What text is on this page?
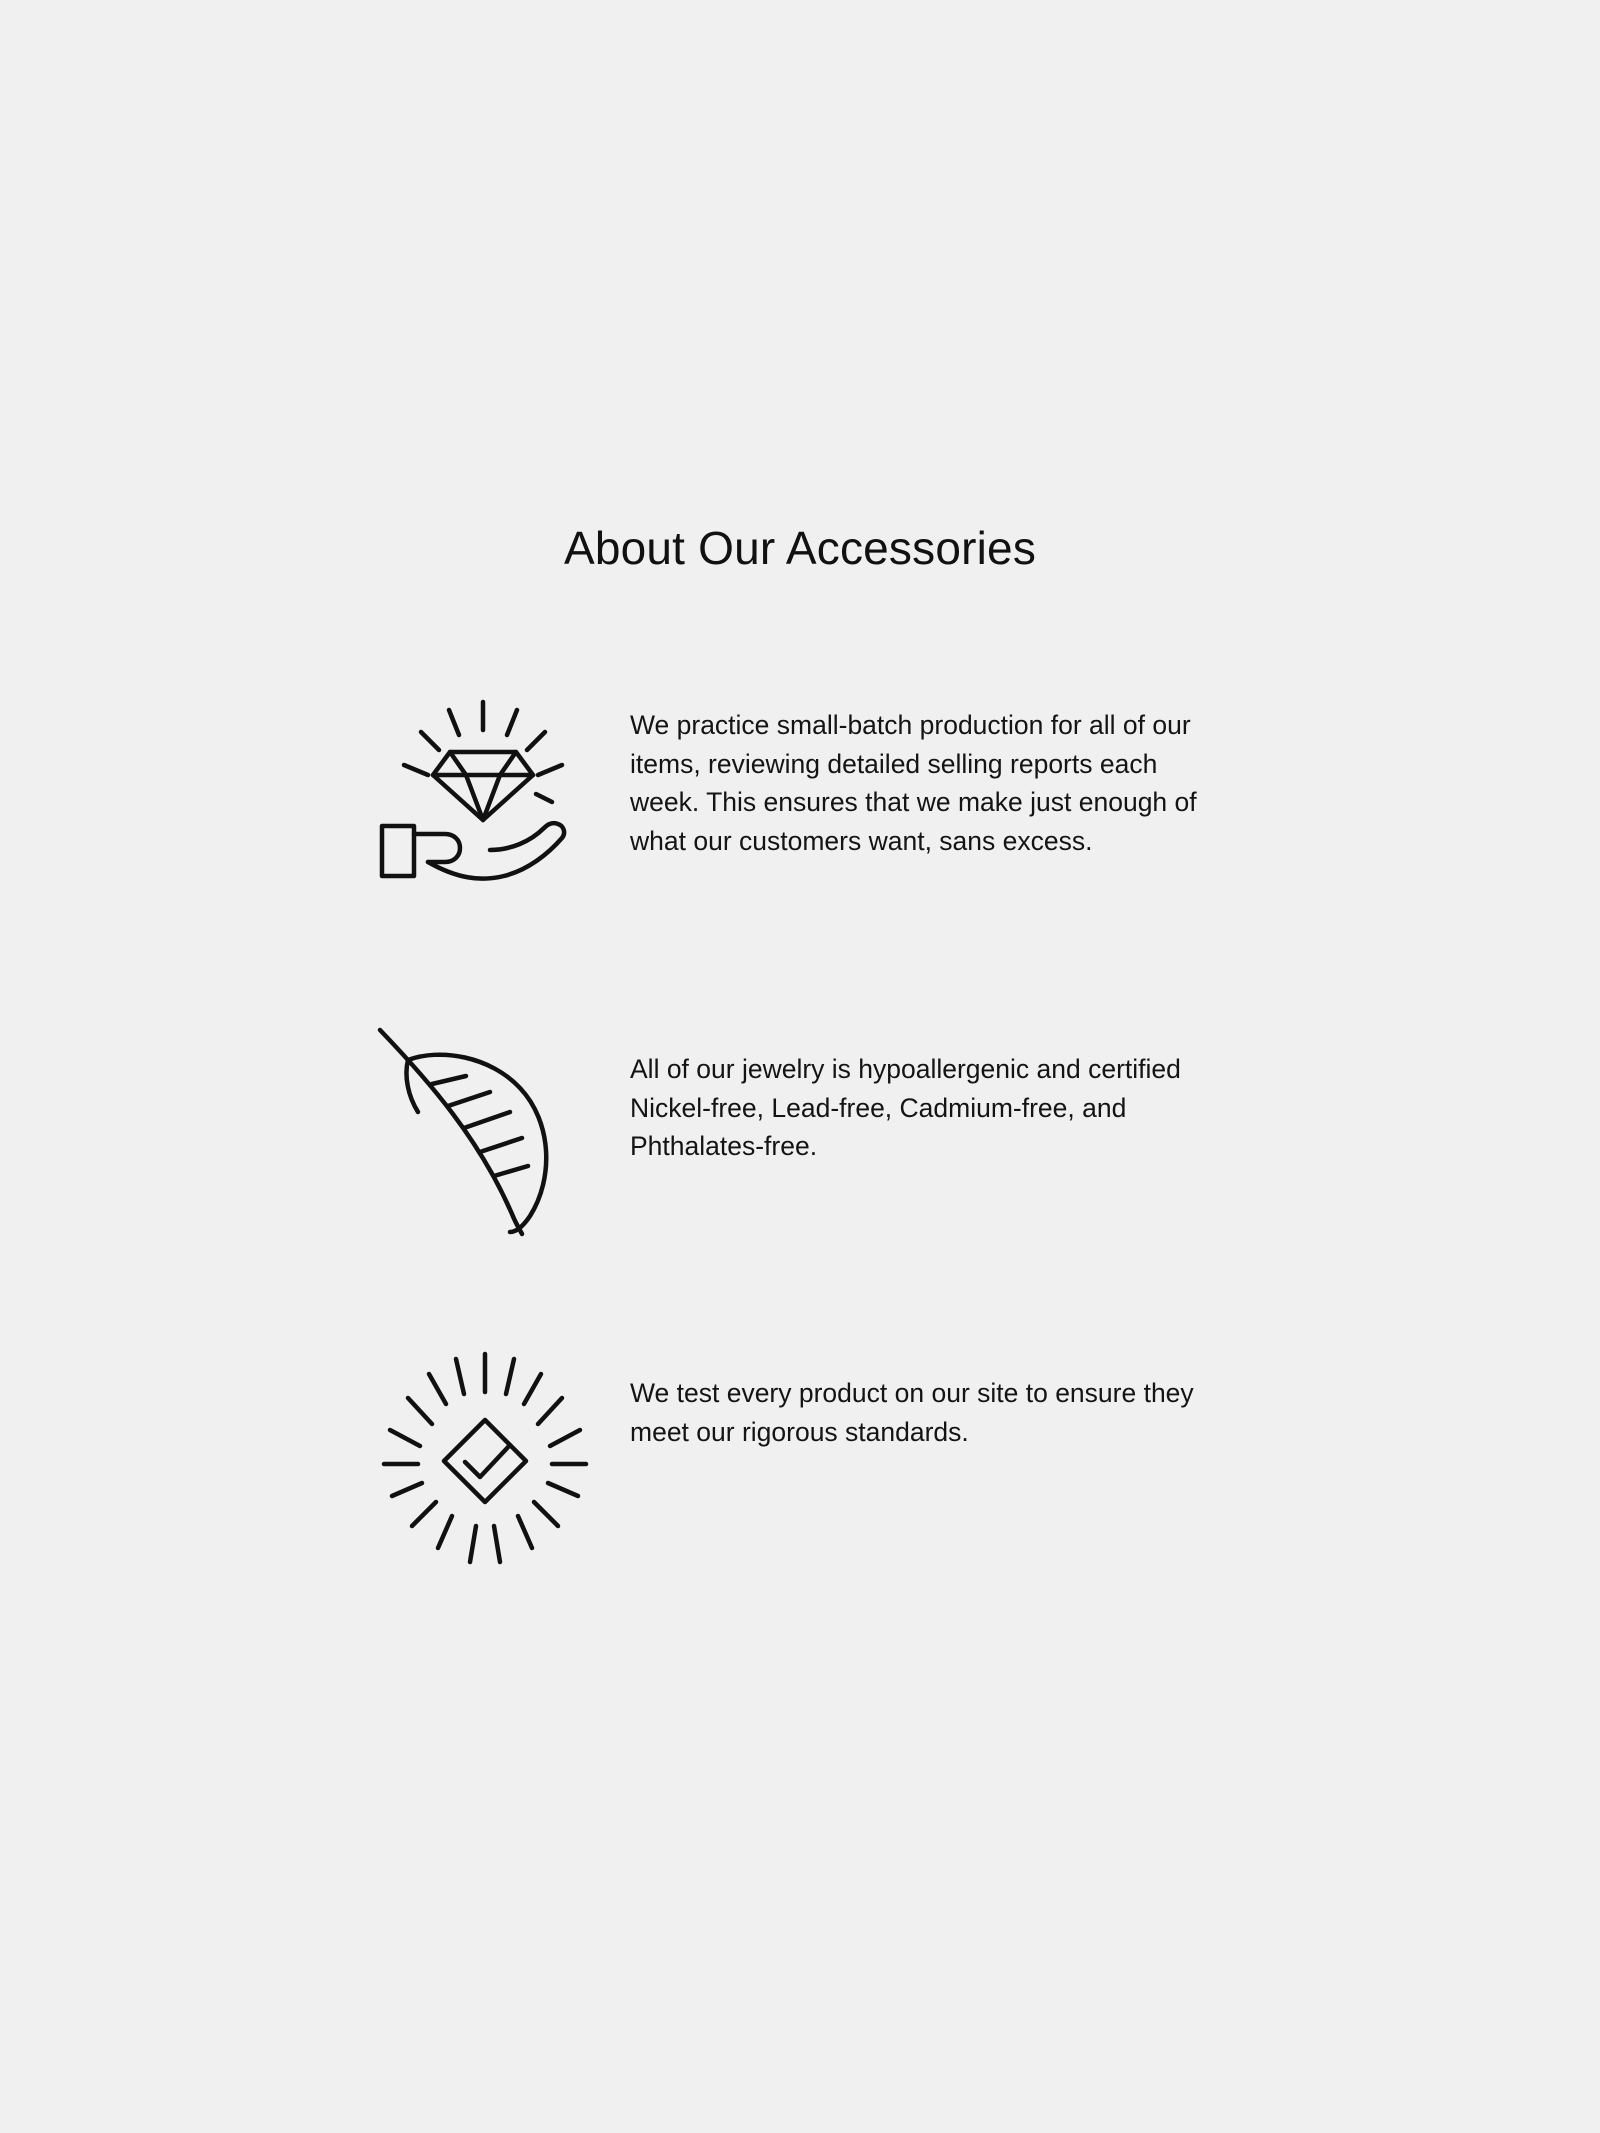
About Our Accessories
We practice small-batch production for all of our items, reviewing detailed selling reports each week. This ensures that we make just enough of what our customers want, sans excess.
All of our jewelry is hypoallergenic and certified Nickel-free, Lead-free, Cadmium-free, and Phthalates-free.
We test every product on our site to ensure they meet our rigorous standards.
